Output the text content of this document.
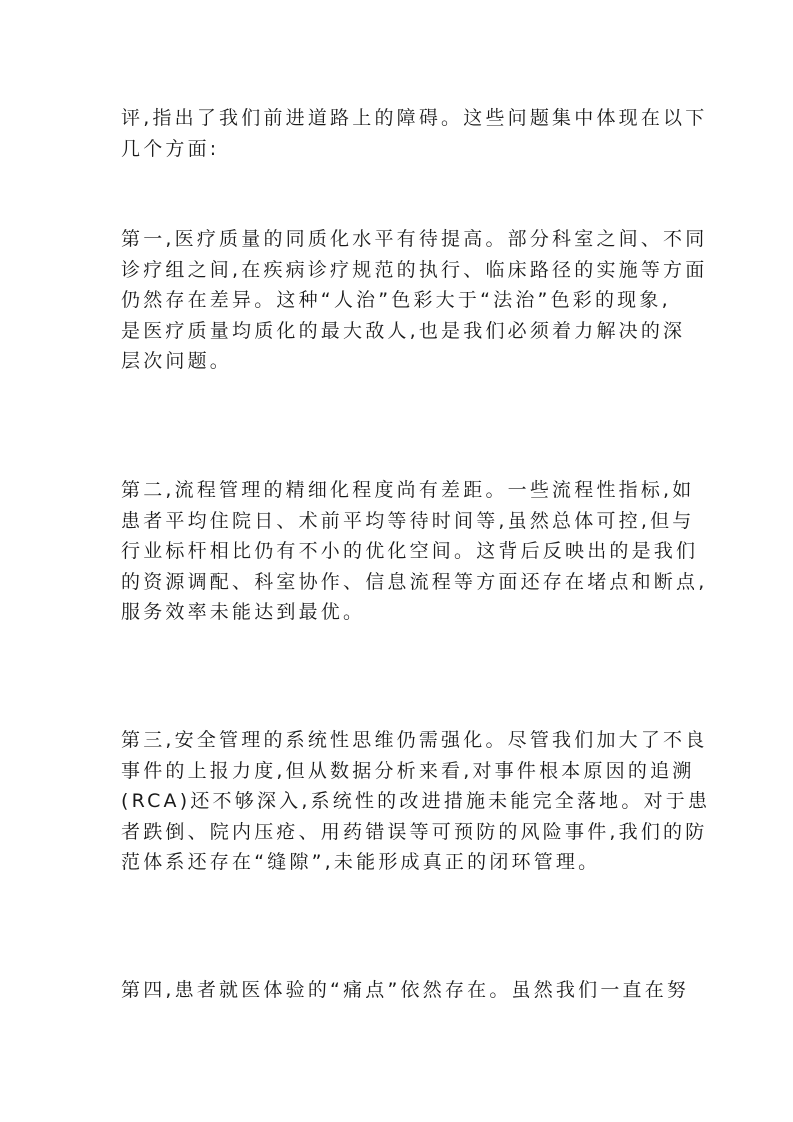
评,指出了我们前进道路上的障碍。这些问题集中体现在以下
几个方面:
第一,医疗质量的同质化水平有待提高。部分科室之间、不同
诊疗组之间,在疾病诊疗规范的执行、临床路径的实施等方面
仍然存在差异。这种“人治”色彩大于“法治”色彩的现象,
是医疗质量均质化的最大敌人,也是我们必须着力解决的深
层次问题。
第二,流程管理的精细化程度尚有差距。一些流程性指标,如
患者平均住院日、术前平均等待时间等,虽然总体可控,但与
行业标杆相比仍有不小的优化空间。这背后反映出的是我们
的资源调配、科室协作、信息流程等方面还存在堵点和断点,
服务效率未能达到最优。
第三,安全管理的系统性思维仍需强化。尽管我们加大了不良
事件的上报力度,但从数据分析来看,对事件根本原因的追溯
(RCA)还不够深入,系统性的改进措施未能完全落地。对于患
者跌倒、院内压疮、用药错误等可预防的风险事件,我们的防
范体系还存在“缝隙”,未能形成真正的闭环管理。
第四,患者就医体验的“痛点”依然存在。虽然我们一直在努
